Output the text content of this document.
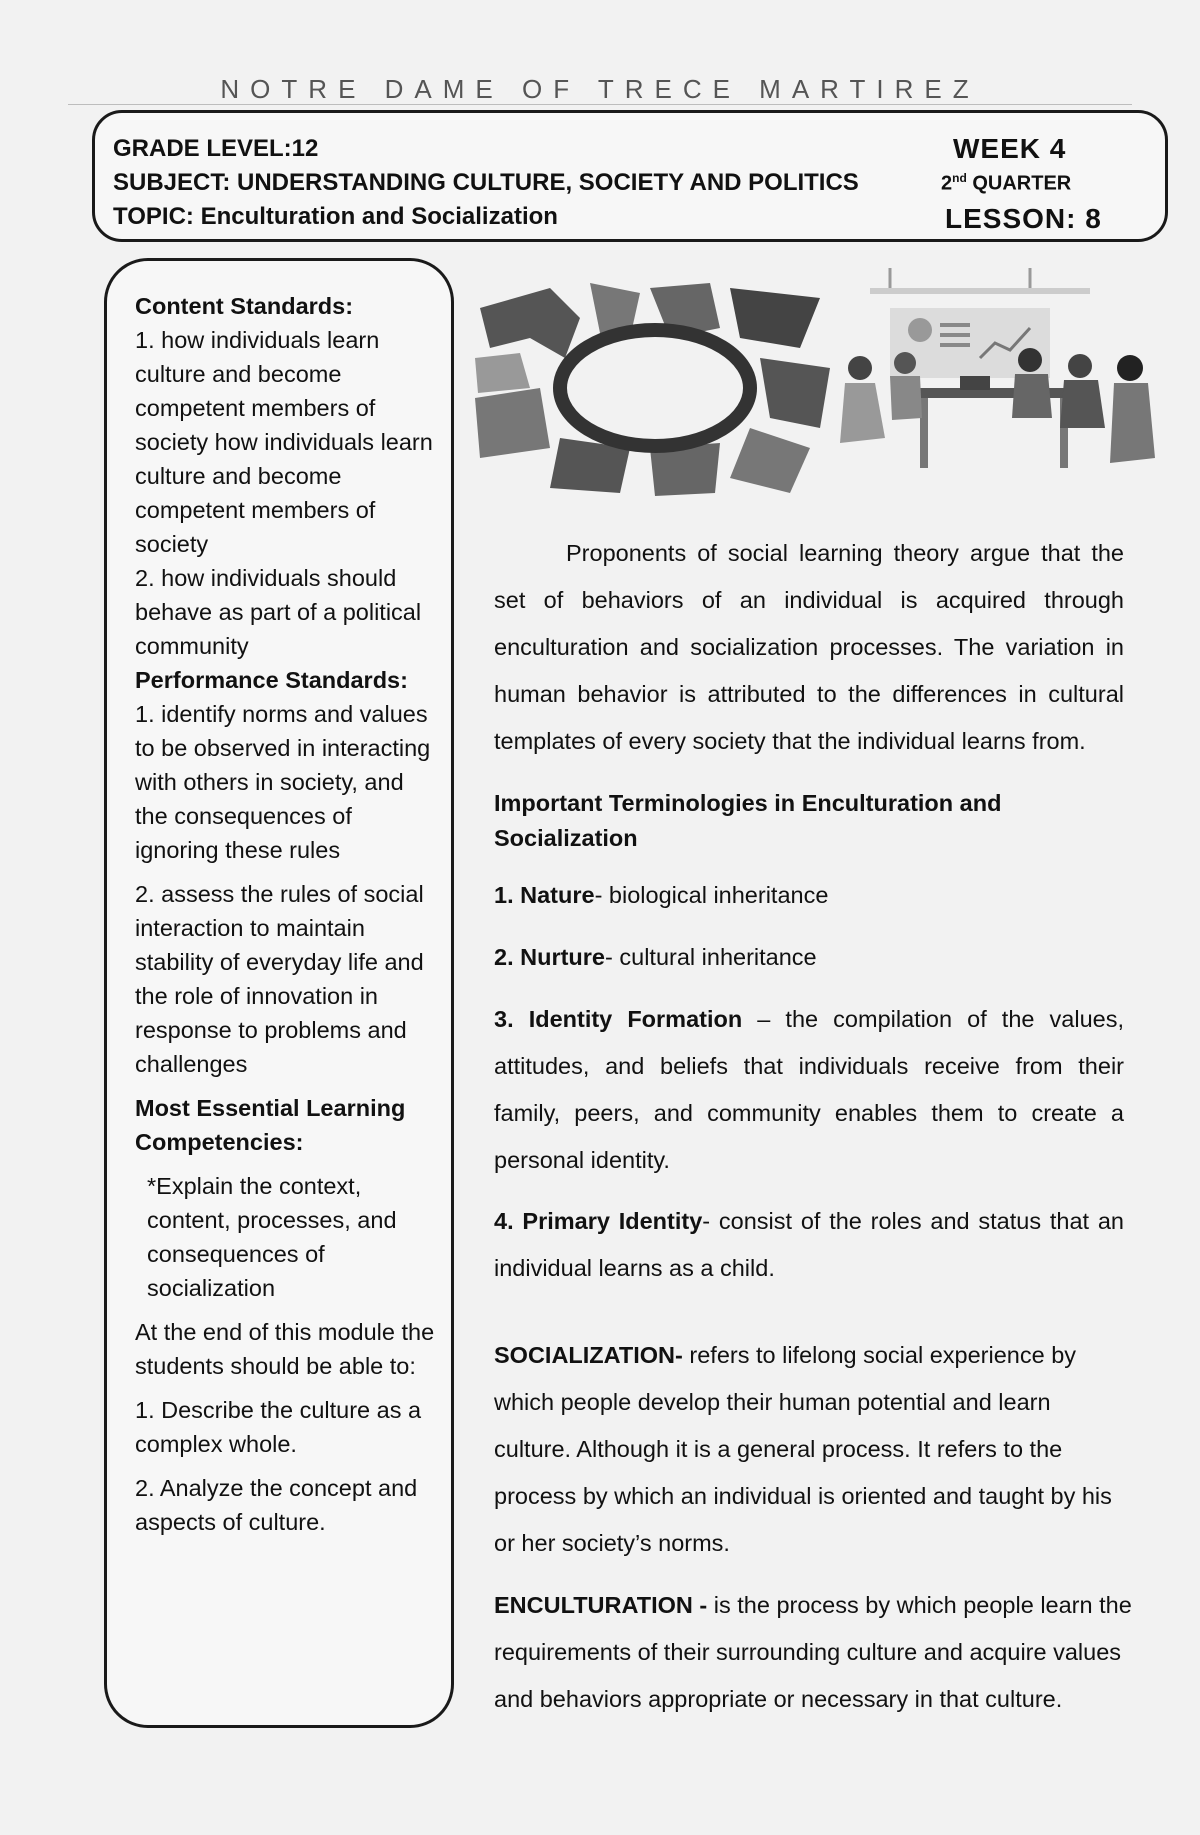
NOTRE DAME OF TRECE MARTIREZ
GRADE LEVEL:12
SUBJECT: UNDERSTANDING CULTURE, SOCIETY AND POLITICS
TOPIC: Enculturation and Socialization
WEEK 4
2nd QUARTER
LESSON: 8

Content Standards:

1. how individuals learn culture and become competent members of society how individuals learn culture and become competent members of society

2. how individuals should behave as part of a political community

Performance Standards:

1. identify norms and values to be observed in interacting with others in society, and the consequences of ignoring these rules

2. assess the rules of social interaction to maintain stability of everyday life and the role of innovation in response to problems and challenges

Most Essential Learning Competencies:

*Explain the context, content, processes, and consequences of socialization

At the end of this module the students should be able to:

1. Describe the culture as a complex whole.

2. Analyze the concept and aspects of culture.

Proponents of social learning theory argue that the set of behaviors of an individual is acquired through enculturation and socialization processes. The variation in human behavior is attributed to the differences in cultural templates of every society that the individual learns from.
Important Terminologies in Enculturation and Socialization
1. Nature- biological inheritance
2. Nurture- cultural inheritance
3. Identity Formation – the compilation of the values, attitudes, and beliefs that individuals receive from their family, peers, and community enables them to create a personal identity.
4. Primary Identity- consist of the roles and status that an individual learns as a child.
SOCIALIZATION- refers to lifelong social experience by which people develop their human potential and learn culture. Although it is a general process. It refers to the process by which an individual is oriented and taught by his or her society’s norms.
ENCULTURATION - is the process by which people learn the requirements of their surrounding culture and acquire values and behaviors appropriate or necessary in that culture.
